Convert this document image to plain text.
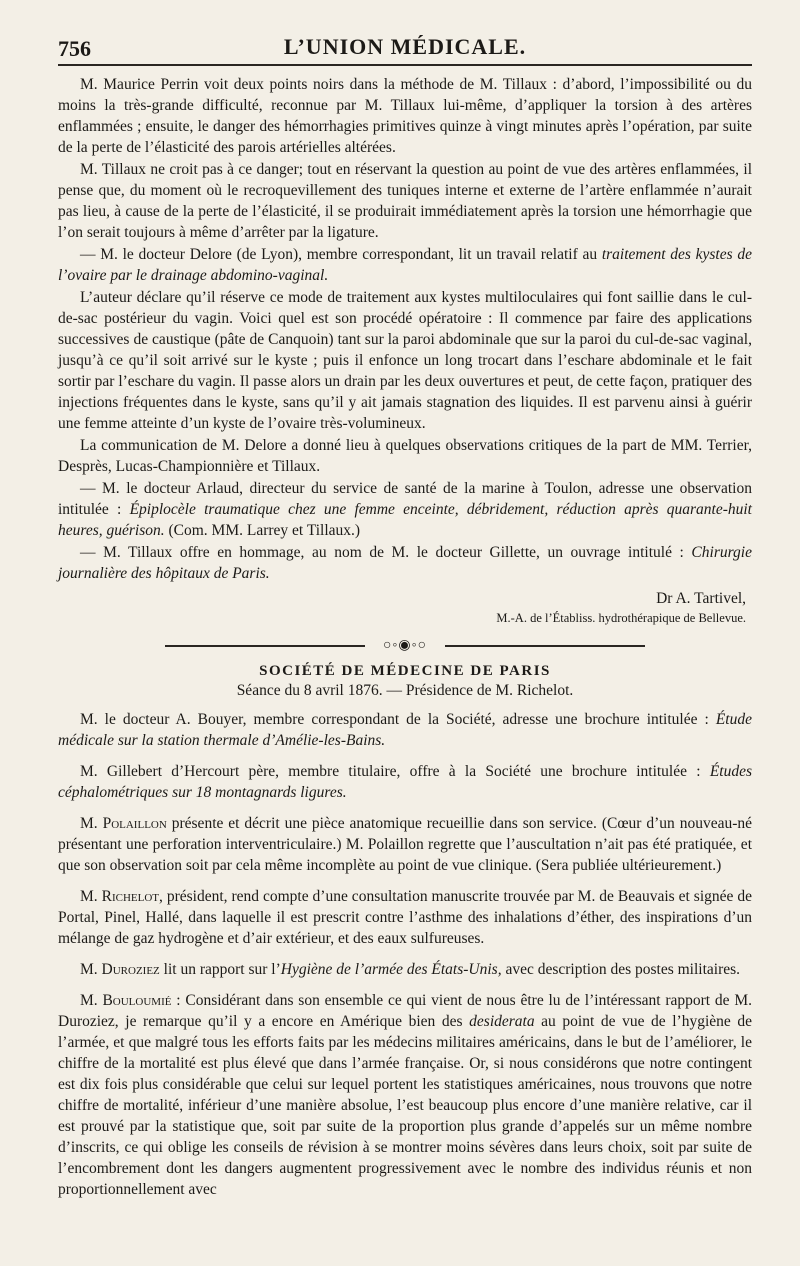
756	L’UNION MÉDICALE.

M. Maurice Perrin voit deux points noirs dans la méthode de M. Tillaux : d’abord, l’impossibilité ou du moins la très-grande difficulté, reconnue par M. Tillaux lui-même, d’appliquer la torsion à des artères enflammées ; ensuite, le danger des hémorrhagies primitives quinze à vingt minutes après l’opération, par suite de la perte de l’élasticité des parois artérielles altérées.

M. Tillaux ne croit pas à ce danger; tout en réservant la question au point de vue des artères enflammées, il pense que, du moment où le recroquevillement des tuniques interne et externe de l’artère enflammée n’aurait pas lieu, à cause de la perte de l’élasticité, il se produirait immédiatement après la torsion une hémorrhagie que l’on serait toujours à même d’arrêter par la ligature.

— M. le docteur Delore (de Lyon), membre correspondant, lit un travail relatif au traitement des kystes de l’ovaire par le drainage abdomino-vaginal.

L’auteur déclare qu’il réserve ce mode de traitement aux kystes multiloculaires qui font saillie dans le cul-de-sac postérieur du vagin. Voici quel est son procédé opératoire : Il commence par faire des applications successives de caustique (pâte de Canquoin) tant sur la paroi abdominale que sur la paroi du cul-de-sac vaginal, jusqu’à ce qu’il soit arrivé sur le kyste ; puis il enfonce un long trocart dans l’eschare abdominale et le fait sortir par l’eschare du vagin. Il passe alors un drain par les deux ouvertures et peut, de cette façon, pratiquer des injections fréquentes dans le kyste, sans qu’il y ait jamais stagnation des liquides. Il est parvenu ainsi à guérir une femme atteinte d’un kyste de l’ovaire très-volumineux.

La communication de M. Delore a donné lieu à quelques observations critiques de la part de MM. Terrier, Desprès, Lucas-Championnière et Tillaux.

— M. le docteur Arlaud, directeur du service de santé de la marine à Toulon, adresse une observation intitulée : Épiplocèle traumatique chez une femme enceinte, débridement, réduction après quarante-huit heures, guérison. (Com. MM. Larrey et Tillaux.)

— M. Tillaux offre en hommage, au nom de M. le docteur Gillette, un ouvrage intitulé : Chirurgie journalière des hôpitaux de Paris.

Dr A. Tartivel,
M.-A. de l’Établiss. hydrothérapique de Bellevue.
○◦◉◦○
SOCIÉTÉ DE MÉDECINE DE PARIS
Séance du 8 avril 1876. — Présidence de M. Richelot.

M. le docteur A. Bouyer, membre correspondant de la Société, adresse une brochure intitulée : Étude médicale sur la station thermale d’Amélie-les-Bains.

M. Gillebert d’Hercourt père, membre titulaire, offre à la Société une brochure intitulée : Études céphalométriques sur 18 montagnards ligures.

M. Polaillon présente et décrit une pièce anatomique recueillie dans son service. (Cœur d’un nouveau-né présentant une perforation interventriculaire.) M. Polaillon regrette que l’auscultation n’ait pas été pratiquée, et que son observation soit par cela même incomplète au point de vue clinique. (Sera publiée ultérieurement.)

M. Richelot, président, rend compte d’une consultation manuscrite trouvée par M. de Beauvais et signée de Portal, Pinel, Hallé, dans laquelle il est prescrit contre l’asthme des inhalations d’éther, des inspirations d’un mélange de gaz hydrogène et d’air extérieur, et des eaux sulfureuses.

M. Duroziez lit un rapport sur l’Hygiène de l’armée des États-Unis, avec description des postes militaires.

M. Bouloumié : Considérant dans son ensemble ce qui vient de nous être lu de l’intéressant rapport de M. Duroziez, je remarque qu’il y a encore en Amérique bien des desiderata au point de vue de l’hygiène de l’armée, et que malgré tous les efforts faits par les médecins militaires américains, dans le but de l’améliorer, le chiffre de la mortalité est plus élevé que dans l’armée française. Or, si nous considérons que notre contingent est dix fois plus considérable que celui sur lequel portent les statistiques américaines, nous trouvons que notre chiffre de mortalité, inférieur d’une manière absolue, l’est beaucoup plus encore d’une manière relative, car il est prouvé par la statistique que, soit par suite de la proportion plus grande d’appelés sur un même nombre d’inscrits, ce qui oblige les conseils de révision à se montrer moins sévères dans leurs choix, soit par suite de l’encombrement dont les dangers augmentent progressivement avec le nombre des individus réunis et non proportionnellement avec
